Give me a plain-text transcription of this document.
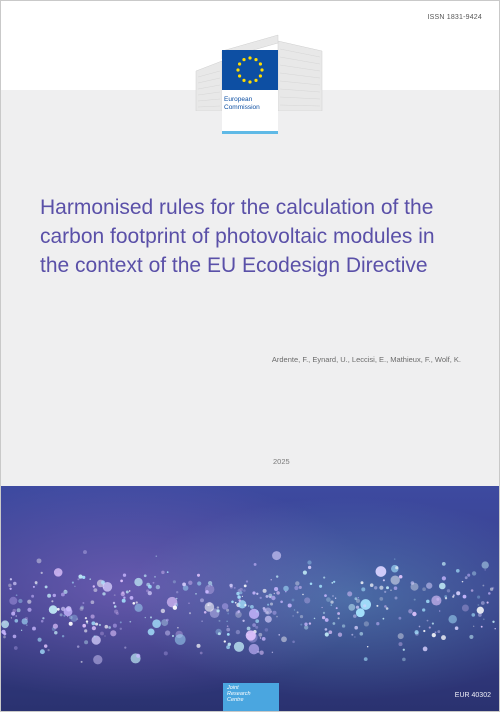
ISSN 1831-9424
European
Commission
Harmonised rules for the calculation of the carbon footprint of photovoltaic modules in the context of the EU Ecodesign Directive
Ardente, F., Eynard, U., Leccisi, E., Mathieux, F., Wolf, K.
2025
Joint
Research
Centre
EUR 40302
